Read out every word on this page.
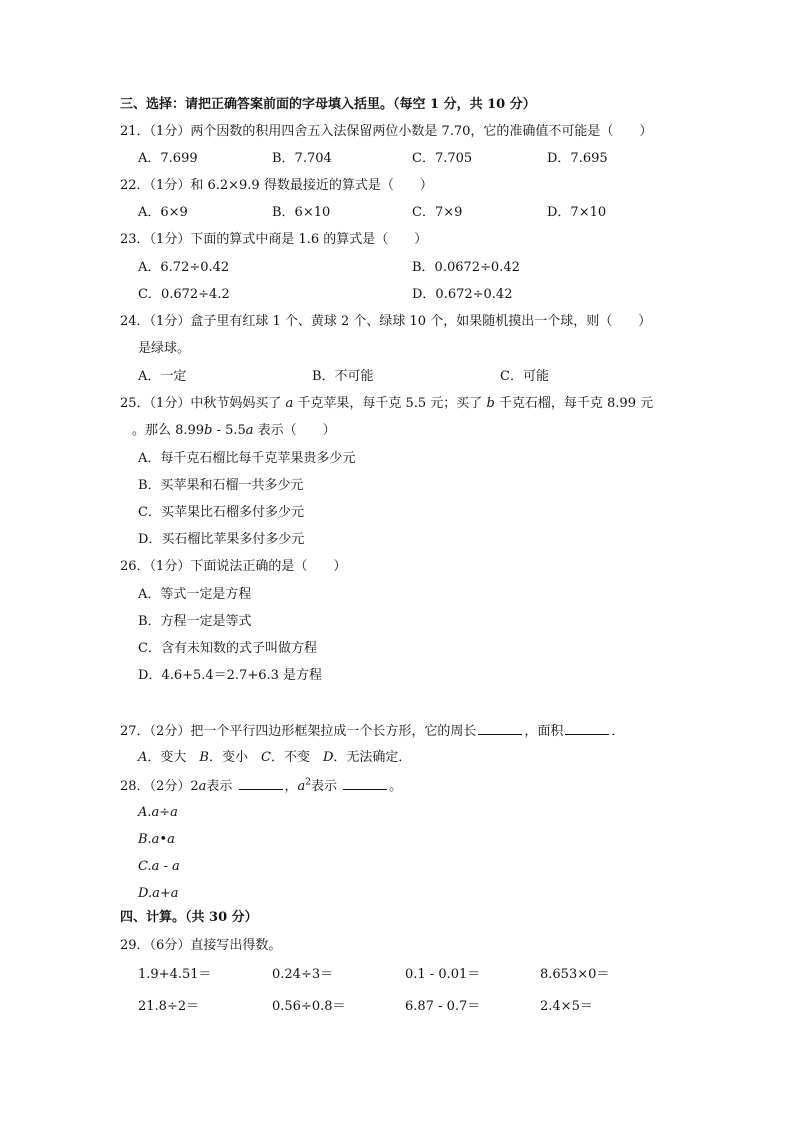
三、选择：请把正确答案前面的字母填入括里。（每空 1 分，共 10 分）
21．（1分）两个因数的积用四舍五入法保留两位小数是 7.70，它的准确值不可能是（　　）
A．7.699	B．7.704	C．7.705	D．7.695
22．（1分）和 6.2×9.9 得数最接近的算式是（　　）
A．6×9	B．6×10	C．7×9	D．7×10
23．（1分）下面的算式中商是 1.6 的算式是（　　）
A．6.72÷0.42	B．0.0672÷0.42
C．0.672÷4.2	D．0.672÷0.42
24．（1分）盒子里有红球 1 个、黄球 2 个、绿球 10 个，如果随机摸出一个球，则（　　）
是绿球。
A．一定	B．不可能	C．可能
25．（1分）中秋节妈妈买了 a 千克苹果，每千克 5.5 元；买了 b 千克石榴，每千克 8.99 元
。那么 8.99b - 5.5a 表示（　　）
A．每千克石榴比每千克苹果贵多少元
B．买苹果和石榴一共多少元
C．买苹果比石榴多付多少元
D．买石榴比苹果多付多少元
26．（1分）下面说法正确的是（　　）
A．等式一定是方程
B．方程一定是等式
C．含有未知数的式子叫做方程
D．4.6+5.4＝2.7+6.3 是方程
27．（2分）把一个平行四边形框架拉成一个长方形，它的周长	，面积	．
A．变大  B．变小  C．不变  D．无法确定．
28．（2分）2a表示	，$a^2$表示	。
A.a÷a
B.a•a
C.a - a
D.a+a
四、计算。（共 30 分）
29．（6分）直接写出得数。
1.9+4.51＝	0.24÷3＝	0.1 - 0.01＝	8.653×0＝
21.8÷2＝	0.56÷0.8＝	6.87 - 0.7＝	2.4×5＝
